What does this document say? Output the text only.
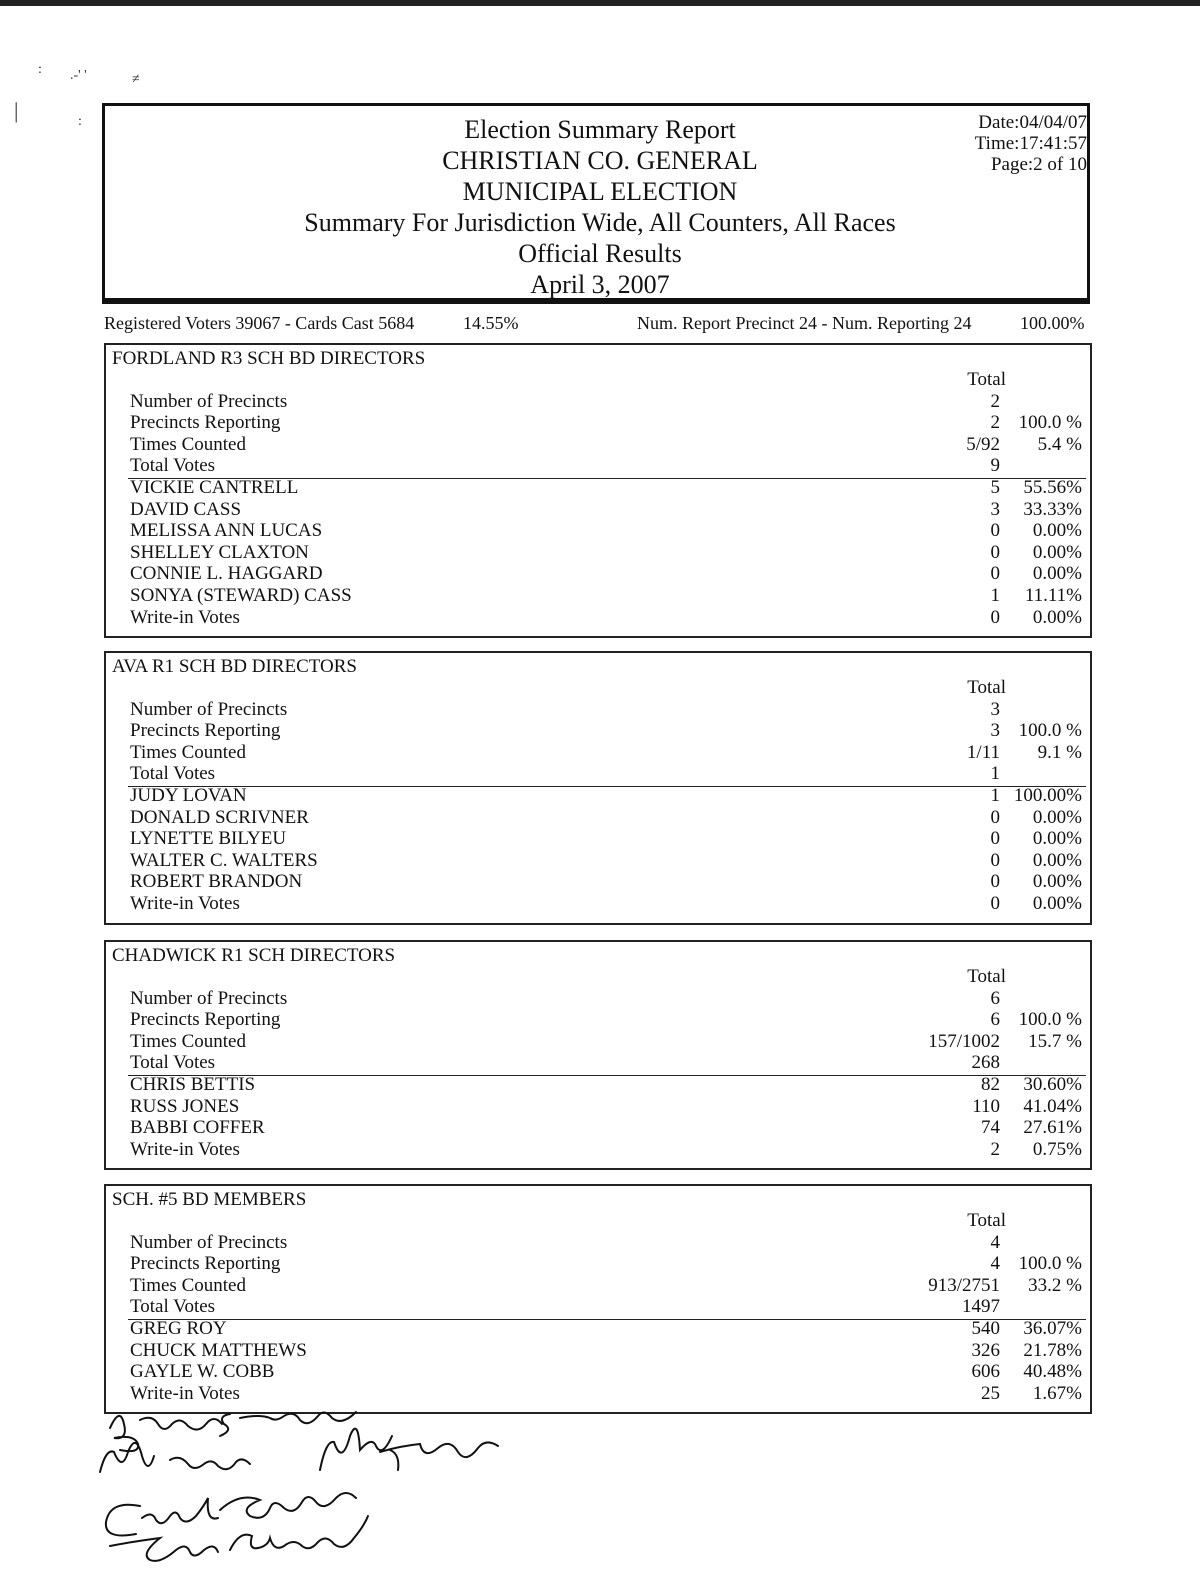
: .-' '	≠
|	:	Election Summary Report
CHRISTIAN CO. GENERAL
MUNICIPAL ELECTION
Summary For Jurisdiction Wide, All Counters, All Races
Official Results
April 3, 2007
Date:04/04/07
Time:17:41:57
Page:2 of 10
Registered Voters 39067 - Cards Cast 5684	14.55%	Num. Report Precinct 24 - Num. Reporting 24	100.00%
FORDLAND R3 SCH BD DIRECTORS
Total
Number of Precincts	2
Precincts Reporting	2 100.0 %
Times Counted	5/92 5.4 %
Total Votes	9
VICKIE CANTRELL	5 55.56%
DAVID CASS	3 33.33%
MELISSA ANN LUCAS	0 0.00%
SHELLEY CLAXTON	0 0.00%
CONNIE L. HAGGARD	0 0.00%
SONYA (STEWARD) CASS	1 11.11%
Write-in Votes	0 0.00%
AVA R1 SCH BD DIRECTORS
Total
Number of Precincts	3
Precincts Reporting	3 100.0 %
Times Counted	1/11 9.1 %
Total Votes	1
JUDY LOVAN	1 100.00%
DONALD SCRIVNER	0 0.00%
LYNETTE BILYEU	0 0.00%
WALTER C. WALTERS	0 0.00%
ROBERT BRANDON	0 0.00%
Write-in Votes	0 0.00%
CHADWICK R1 SCH DIRECTORS
Total
Number of Precincts	6
Precincts Reporting	6 100.0 %
Times Counted	157/1002 15.7 %
Total Votes	268
CHRIS BETTIS	82 30.60%
RUSS JONES	110 41.04%
BABBI COFFER	74 27.61%
Write-in Votes	2 0.75%
SCH. #5 BD MEMBERS
Total
Number of Precincts	4
Precincts Reporting	4 100.0 %
Times Counted	913/2751 33.2 %
Total Votes	1497
GREG ROY	540 36.07%
CHUCK MATTHEWS	326 21.78%
GAYLE W. COBB	606 40.48%
Write-in Votes	25 1.67%
